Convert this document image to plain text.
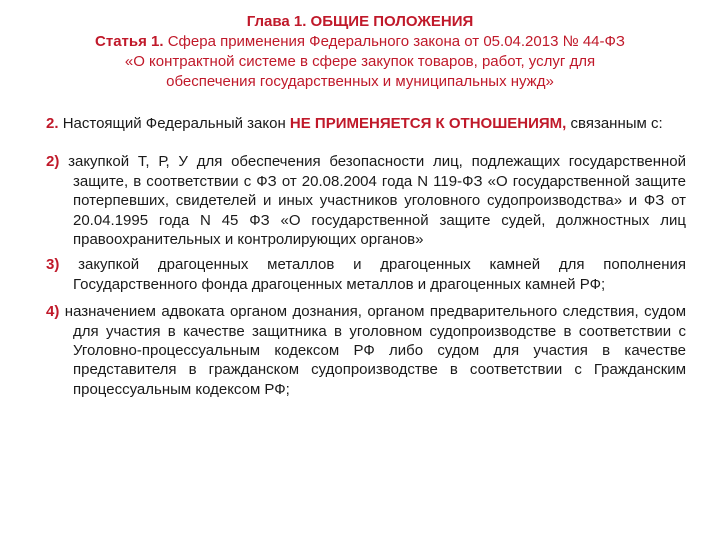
Глава 1. ОБЩИЕ ПОЛОЖЕНИЯ
Статья 1. Сфера применения Федерального закона от 05.04.2013 № 44-ФЗ
«О контрактной системе в сфере закупок товаров, работ, услуг для
обеспечения государственных и муниципальных нужд»
2. Настоящий Федеральный закон НЕ ПРИМЕНЯЕТСЯ К ОТНОШЕНИЯМ, связанным с:
2) закупкой Т, Р, У для обеспечения безопасности лиц, подлежащих государственной защите, в соответствии с ФЗ от 20.08.2004 года N 119-ФЗ «О государственной защите потерпевших, свидетелей и иных участников уголовного судопроизводства» и ФЗ от 20.04.1995 года N 45 ФЗ «О государственной защите судей, должностных лиц правоохранительных и контролирующих органов»
3) закупкой драгоценных металлов и драгоценных камней для пополнения Государственного фонда драгоценных металлов и драгоценных камней РФ;
4) назначением адвоката органом дознания, органом предварительного следствия, судом для участия в качестве защитника в уголовном судопроизводстве в соответствии с Уголовно-процессуальным кодексом РФ либо судом для участия в качестве представителя в гражданском судопроизводстве в соответствии с Гражданским процессуальным кодексом РФ;
